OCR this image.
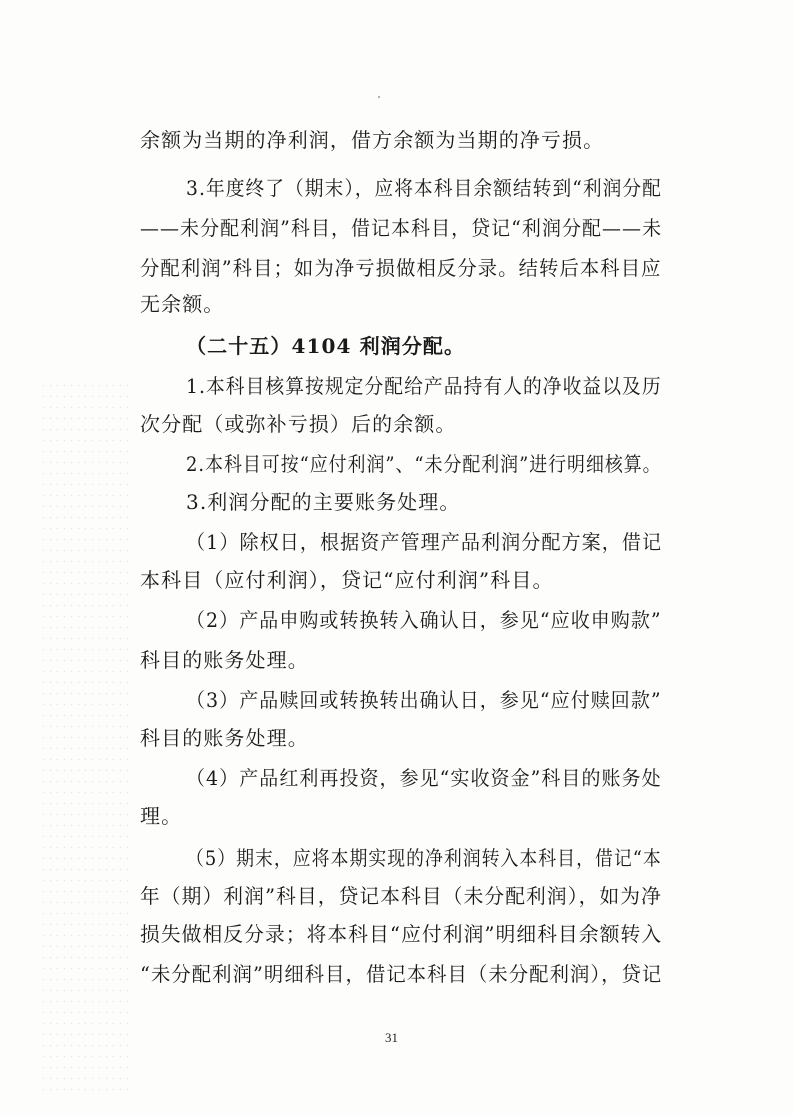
余额为当期的净利润，借方余额为当期的净亏损。
3.年度终了（期末），应将本科目余额结转到“利润分配
——未分配利润”科目，借记本科目，贷记“利润分配——未
分配利润”科目；如为净亏损做相反分录。结转后本科目应
无余额。
（二十五）4104 利润分配。
1.本科目核算按规定分配给产品持有人的净收益以及历
次分配（或弥补亏损）后的余额。
2.本科目可按“应付利润”、“未分配利润”进行明细核算。
3.利润分配的主要账务处理。
（1）除权日，根据资产管理产品利润分配方案，借记
本科目（应付利润），贷记“应付利润”科目。
（2）产品申购或转换转入确认日，参见“应收申购款”
科目的账务处理。
（3）产品赎回或转换转出确认日，参见“应付赎回款”
科目的账务处理。
（4）产品红利再投资，参见“实收资金”科目的账务处
理。
（5）期末，应将本期实现的净利润转入本科目，借记“本
年（期）利润”科目，贷记本科目（未分配利润），如为净
损失做相反分录；将本科目“应付利润”明细科目余额转入
“未分配利润”明细科目，借记本科目（未分配利润），贷记
31
